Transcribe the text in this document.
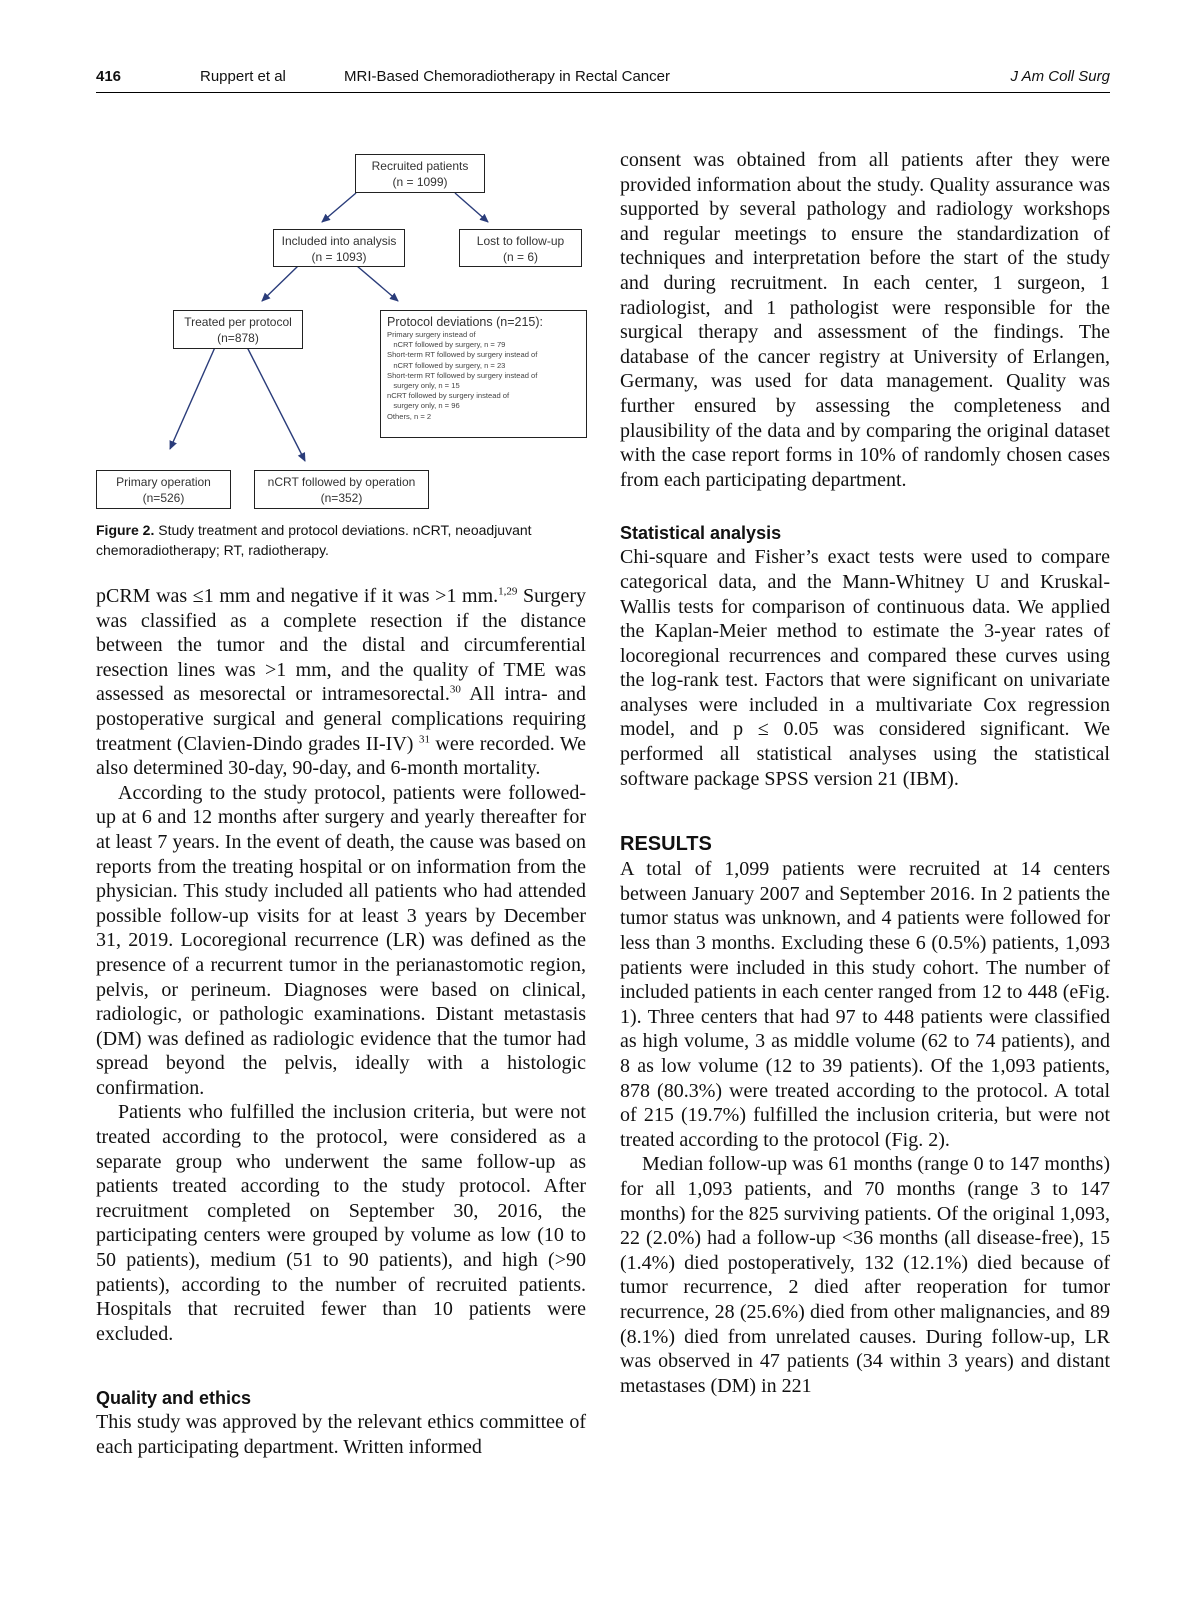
416	Ruppert et al	MRI-Based Chemoradiotherapy in Rectal Cancer	J Am Coll Surg
Recruited patients
(n = 1099)
Included into analysis
(n = 1093)
Lost to follow-up
(n = 6)
Treated per protocol
(n=878)
Protocol deviations (n=215):
Primary surgery instead of
nCRT followed by surgery, n = 79
Short-term RT followed by surgery instead of
nCRT followed by surgery, n = 23
Short-term RT followed by surgery instead of
surgery only, n = 15
nCRT followed by surgery instead of
surgery only, n = 96
Others, n = 2
Primary operation
(n=526)
nCRT followed by operation
(n=352)
Figure 2. Study treatment and protocol deviations. nCRT, neoadjuvant chemoradiotherapy; RT, radiotherapy.

pCRM was ≤1 mm and negative if it was >1 mm.$^{1,29}$ Surgery was classified as a complete resection if the distance between the tumor and the distal and circumferential resection lines was >1 mm, and the quality of TME was assessed as mesorectal or intramesorectal.$^{30}$ All intra- and postoperative surgical and general complications requiring treatment (Clavien-Dindo grades II-IV) $^{31}$ were recorded. We also determined 30-day, 90-day, and 6-month mortality.

According to the study protocol, patients were followed-up at 6 and 12 months after surgery and yearly thereafter for at least 7 years. In the event of death, the cause was based on reports from the treating hospital or on information from the physician. This study included all patients who had attended possible follow-up visits for at least 3 years by December 31, 2019. Locoregional recurrence (LR) was defined as the presence of a recurrent tumor in the perianastomotic region, pelvis, or perineum. Diagnoses were based on clinical, radiologic, or pathologic examinations. Distant metastasis (DM) was defined as radiologic evidence that the tumor had spread beyond the pelvis, ideally with a histologic confirmation.

Patients who fulfilled the inclusion criteria, but were not treated according to the protocol, were considered as a separate group who underwent the same follow-up as patients treated according to the study protocol. After recruitment completed on September 30, 2016, the participating centers were grouped by volume as low (10 to 50 patients), medium (51 to 90 patients), and high (>90 patients), according to the number of recruited patients. Hospitals that recruited fewer than 10 patients were excluded.

Quality and ethics

This study was approved by the relevant ethics committee of each participating department. Written informed

consent was obtained from all patients after they were provided information about the study. Quality assurance was supported by several pathology and radiology workshops and regular meetings to ensure the standardization of techniques and interpretation before the start of the study and during recruitment. In each center, 1 surgeon, 1 radiologist, and 1 pathologist were responsible for the surgical therapy and assessment of the findings. The database of the cancer registry at University of Erlangen, Germany, was used for data management. Quality was further ensured by assessing the completeness and plausibility of the data and by comparing the original dataset with the case report forms in 10% of randomly chosen cases from each participating department.

Statistical analysis

Chi-square and Fisher’s exact tests were used to compare categorical data, and the Mann-Whitney U and Kruskal-Wallis tests for comparison of continuous data. We applied the Kaplan-Meier method to estimate the 3-year rates of locoregional recurrences and compared these curves using the log-rank test. Factors that were significant on univariate analyses were included in a multivariate Cox regression model, and p ≤ 0.05 was considered significant. We performed all statistical analyses using the statistical software package SPSS version 21 (IBM).

RESULTS

A total of 1,099 patients were recruited at 14 centers between January 2007 and September 2016. In 2 patients the tumor status was unknown, and 4 patients were followed for less than 3 months. Excluding these 6 (0.5%) patients, 1,093 patients were included in this study cohort. The number of included patients in each center ranged from 12 to 448 (eFig. 1). Three centers that had 97 to 448 patients were classified as high volume, 3 as middle volume (62 to 74 patients), and 8 as low volume (12 to 39 patients). Of the 1,093 patients, 878 (80.3%) were treated according to the protocol. A total of 215 (19.7%) fulfilled the inclusion criteria, but were not treated according to the protocol (Fig. 2).

Median follow-up was 61 months (range 0 to 147 months) for all 1,093 patients, and 70 months (range 3 to 147 months) for the 825 surviving patients. Of the original 1,093, 22 (2.0%) had a follow-up <36 months (all disease-free), 15 (1.4%) died postoperatively, 132 (12.1%) died because of tumor recurrence, 2 died after reoperation for tumor recurrence, 28 (25.6%) died from other malignancies, and 89 (8.1%) died from unrelated causes. During follow-up, LR was observed in 47 patients (34 within 3 years) and distant metastases (DM) in 221
